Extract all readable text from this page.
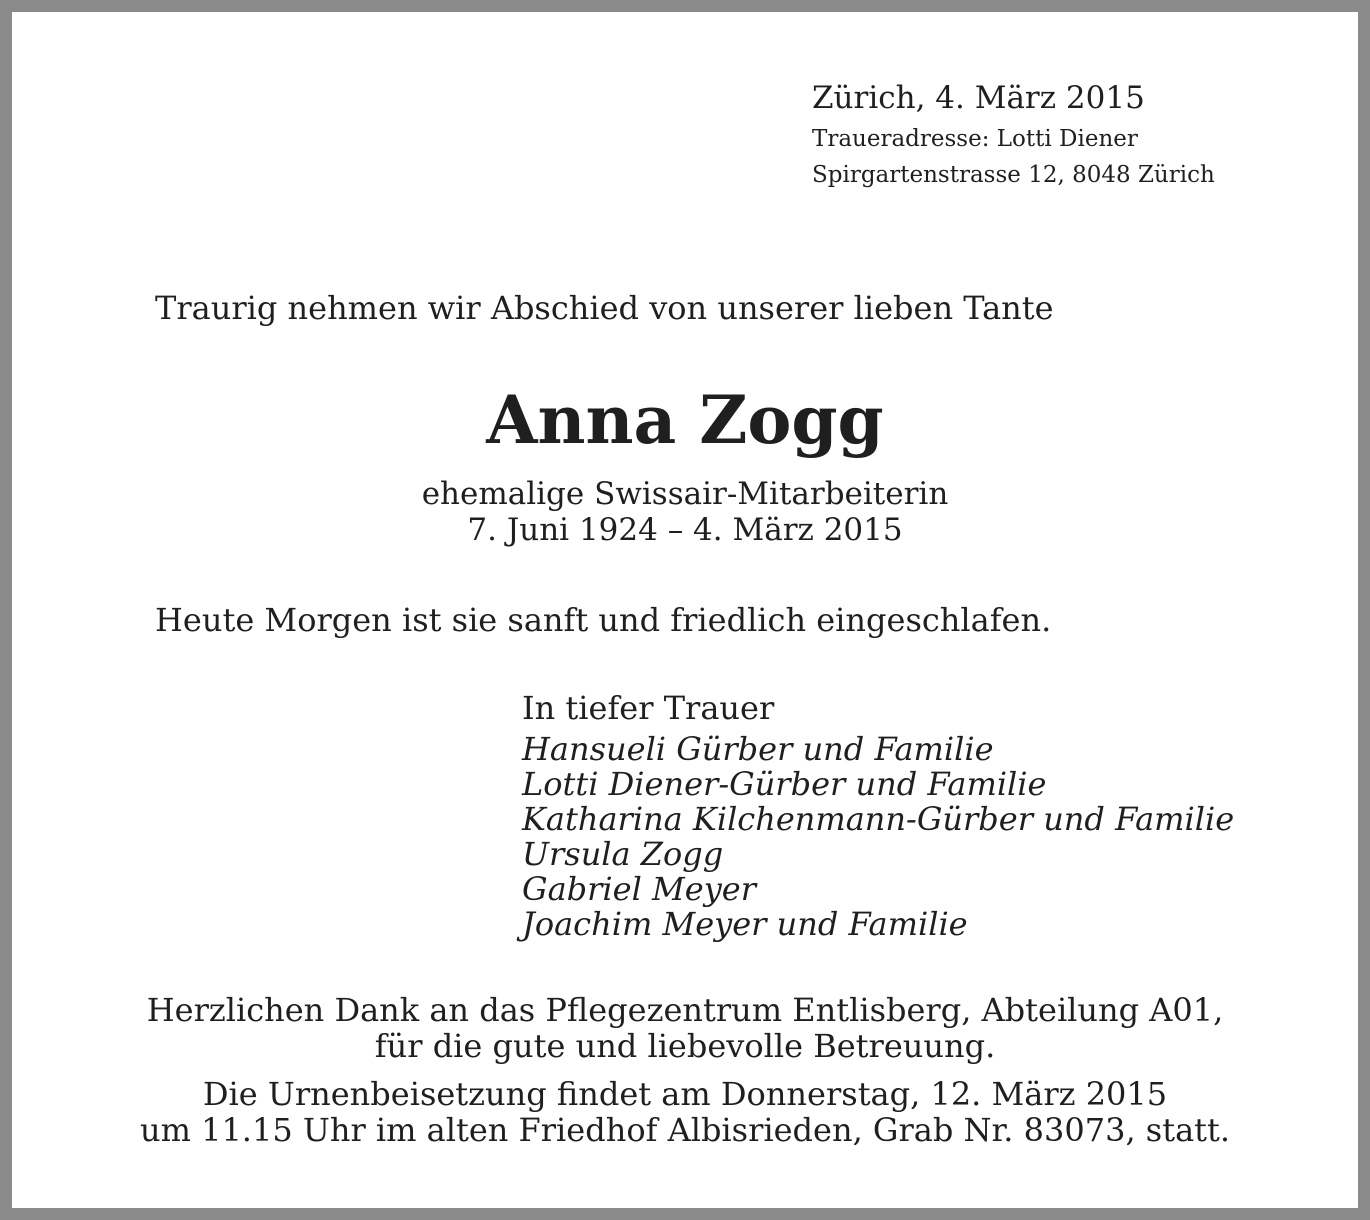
Zürich, 4. März 2015

Traueradresse: Lotti Diener

Spirgartenstrasse 12, 8048 Zürich

Traurig nehmen wir Abschied von unserer lieben Tante

Anna Zogg

ehemalige Swissair-Mitarbeiterin

7. Juni 1924 – 4. März 2015

Heute Morgen ist sie sanft und friedlich eingeschlafen.

In tiefer Trauer

Hansueli Gürber und Familie
Lotti Diener-Gürber und Familie
Katharina Kilchenmann-Gürber und Familie
Ursula Zogg
Gabriel Meyer
Joachim Meyer und Familie

Herzlichen Dank an das Pflegezentrum Entlisberg, Abteilung A01,

für die gute und liebevolle Betreuung.

Die Urnenbeisetzung findet am Donnerstag, 12. März 2015

um 11.15 Uhr im alten Friedhof Albisrieden, Grab Nr. 83073, statt.
